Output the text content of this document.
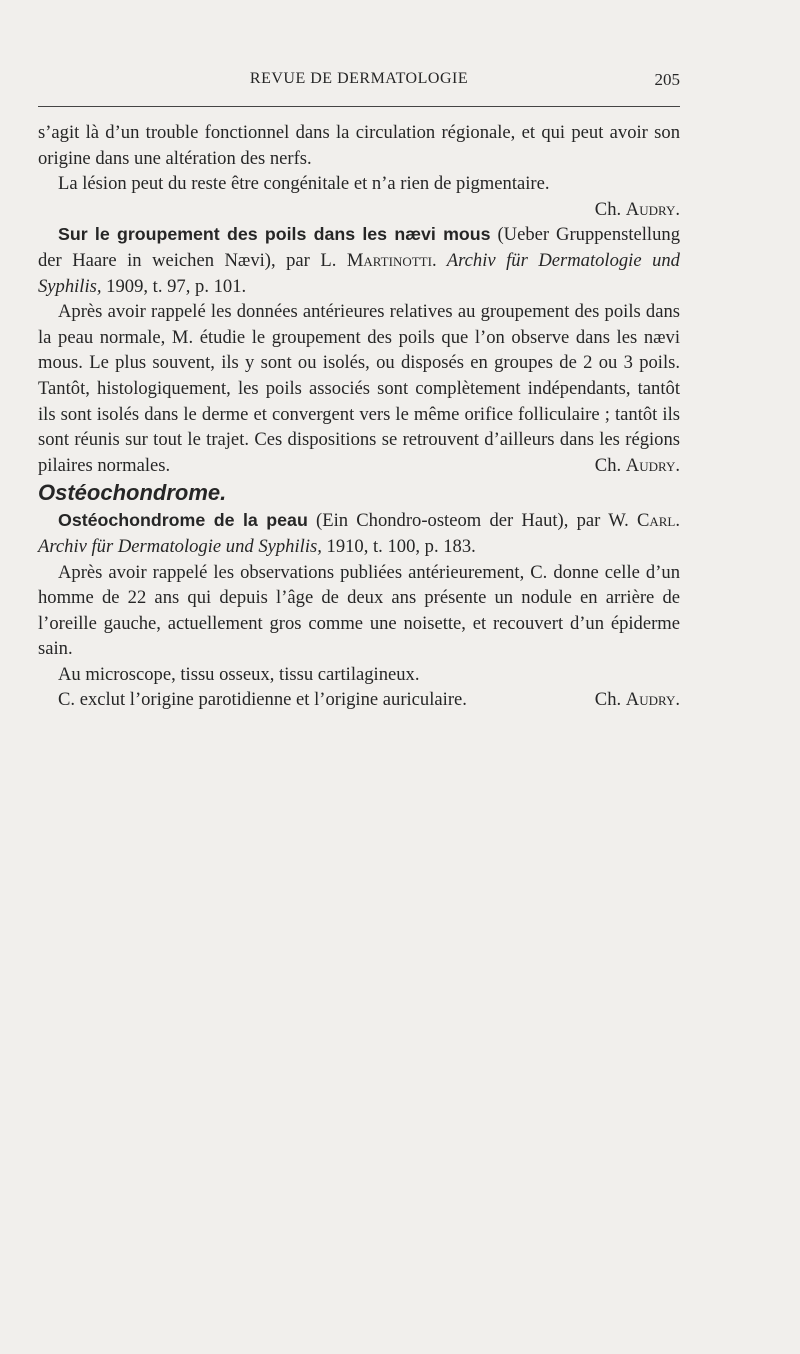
REVUE DE DERMATOLOGIE	205

s’agit là d’un trouble fonctionnel dans la circulation régionale, et qui peut avoir son origine dans une altération des nerfs.

La lésion peut du reste être congénitale et n’a rien de pigmentaire.

Ch. Audry.

Sur le groupement des poils dans les nævi mous (Ueber Gruppenstellung der Haare in weichen Nævi), par L. Martinotti. Archiv für Dermatologie und Syphilis, 1909, t. 97, p. 101.

Après avoir rappelé les données antérieures relatives au groupement des poils dans la peau normale, M. étudie le groupement des poils que l’on observe dans les nævi mous. Le plus souvent, ils y sont ou isolés, ou disposés en groupes de 2 ou 3 poils. Tantôt, histologiquement, les poils associés sont complètement indépendants, tantôt ils sont isolés dans le derme et convergent vers le même orifice folliculaire ; tantôt ils sont réunis sur tout le trajet. Ces dispositions se retrouvent d’ailleurs dans les régions pilaires normales.	Ch. Audry.

Ostéochondrome.

Ostéochondrome de la peau (Ein Chondro-osteom der Haut), par W. Carl. Archiv für Dermatologie und Syphilis, 1910, t. 100, p. 183.

Après avoir rappelé les observations publiées antérieurement, C. donne celle d’un homme de 22 ans qui depuis l’âge de deux ans présente un nodule en arrière de l’oreille gauche, actuellement gros comme une noisette, et recouvert d’un épiderme sain.

Au microscope, tissu osseux, tissu cartilagineux.

C. exclut l’origine parotidienne et l’origine auriculaire.	Ch. Audry.
